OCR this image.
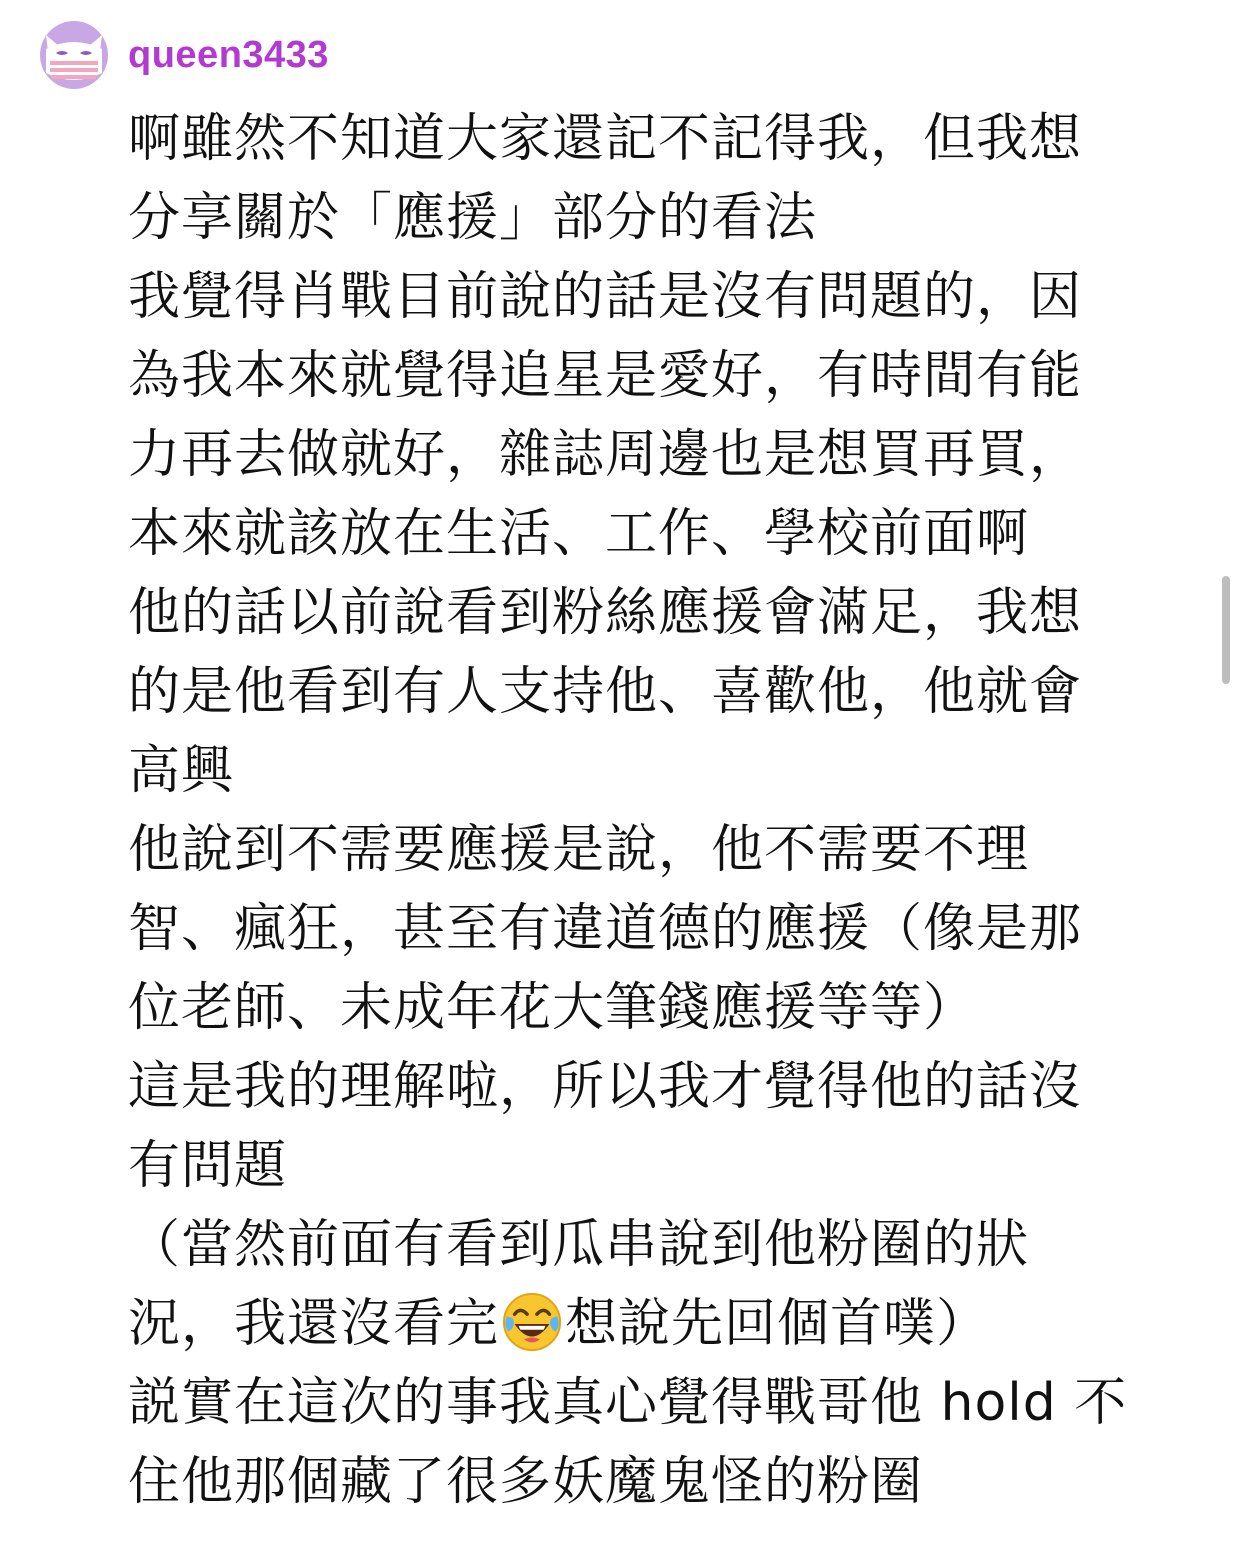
queen3433
啊雖然不知道大家還記不記得我，但我想
分享關於「應援」部分的看法
我覺得肖戰目前說的話是沒有問題的，因
為我本來就覺得追星是愛好，有時間有能
力再去做就好，雜誌周邊也是想買再買，
本來就該放在生活、工作、學校前面啊
他的話以前說看到粉絲應援會滿足，我想
的是他看到有人支持他、喜歡他，他就會
高興
他說到不需要應援是說，他不需要不理
智、瘋狂，甚至有違道德的應援（像是那
位老師、未成年花大筆錢應援等等）
這是我的理解啦，所以我才覺得他的話沒
有問題
（當然前面有看到瓜串說到他粉圈的狀
況，我還沒看完 想說先回個首噗）
説實在這次的事我真心覺得戰哥他 hold 不
住他那個藏了很多妖魔鬼怪的粉圈
